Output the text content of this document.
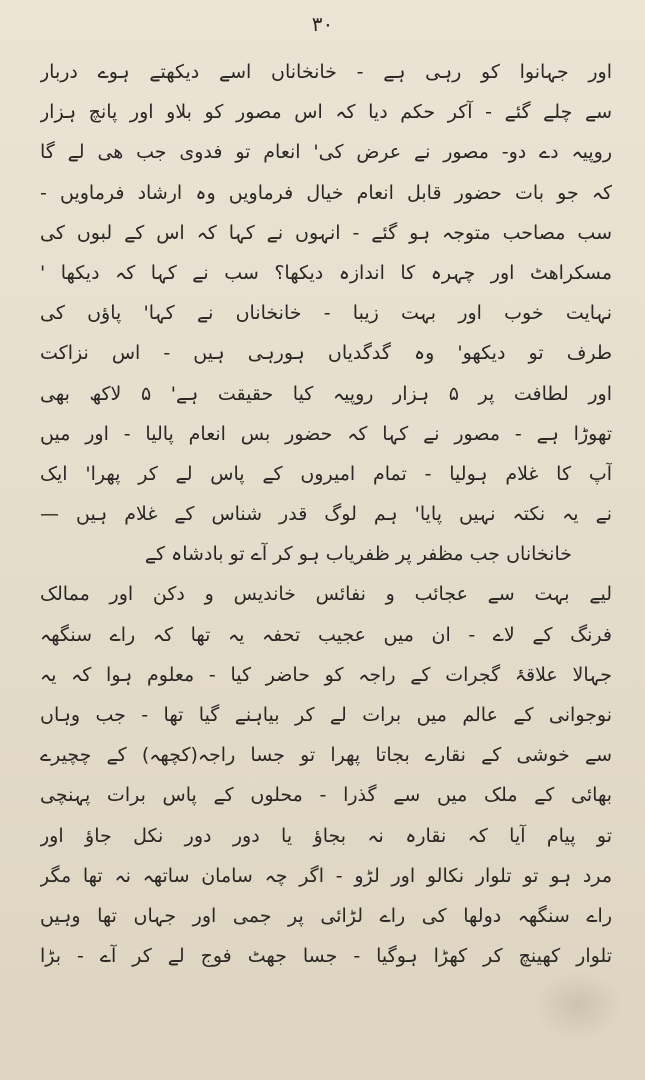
۳۰
اور جہانوا کو رہی ہے - خانخاناں اسے دیکھتے ہوے دربار
سے چلے گئے - آکر حکم دیا کہ اس مصور کو بلاو اور پانچ ہزار
روپیہ دے دو- مصور نے عرض کی' انعام تو فدوی جب ھی لے گا
کہ جو بات حضور قابل انعام خیال فرماویں وہ ارشاد فرماویں -
سب مصاحب متوجہ ہو گئے - انہوں نے کہا کہ اس کے لبوں کی
مسکراهٹ اور چہرہ کا اندازہ دیکھا؟ سب نے کہا کہ دیکھا '
نہایت خوب اور بہت زیبا - خانخاناں نے کہا' پاؤں کی
طرف تو دیکھو' وہ گدگدیاں ہورہی ہیں - اس نزاکت
اور لطافت پر ۵ ہزار روپیہ کیا حقیقت ہے' ۵ لاکھ بھی
تھوڑا ہے - مصور نے کہا کہ حضور بس انعام پالیا - اور میں
آپ کا غلام ہولیا - تمام امیروں کے پاس لے کر پھرا' ایک
نے یہ نکتہ نہیں پایا' ہم لوگ قدر شناس کے غلام ہیں —
خانخاناں جب مظفر پر ظفریاب ہو کر آے تو بادشاہ کے
لیے بہت سے عجائب و نفائس خاندیس و دکن اور ممالک
فرنگ کے لاے - ان میں عجیب تحفہ یہ تھا کہ راے سنگھہ
جہالا علاقۂ گجرات کے راجہ کو حاضر کیا - معلوم ہوا کہ یہ
نوجوانی کے عالم میں برات لے کر بیاہنے گیا تھا - جب وہاں
سے خوشی کے نقارے بجاتا پھرا تو جسا راجہ(کچھہ) کے چچیرے
بھائی کے ملک میں سے گذرا - محلوں کے پاس برات پہنچی
تو پیام آیا کہ نقارہ نہ بجاؤ یا دور دور نکل جاؤ اور
مرد ہو تو تلوار نکالو اور لڑو - اگر چہ سامان ساتھہ نہ تھا مگر
راے سنگھہ دولھا کی راے لڑائی پر جمی اور جہاں تھا وہیں
تلوار کھینچ کر کھڑا ہوگیا - جسا جھٹ فوج لے کر آے - بڑا
